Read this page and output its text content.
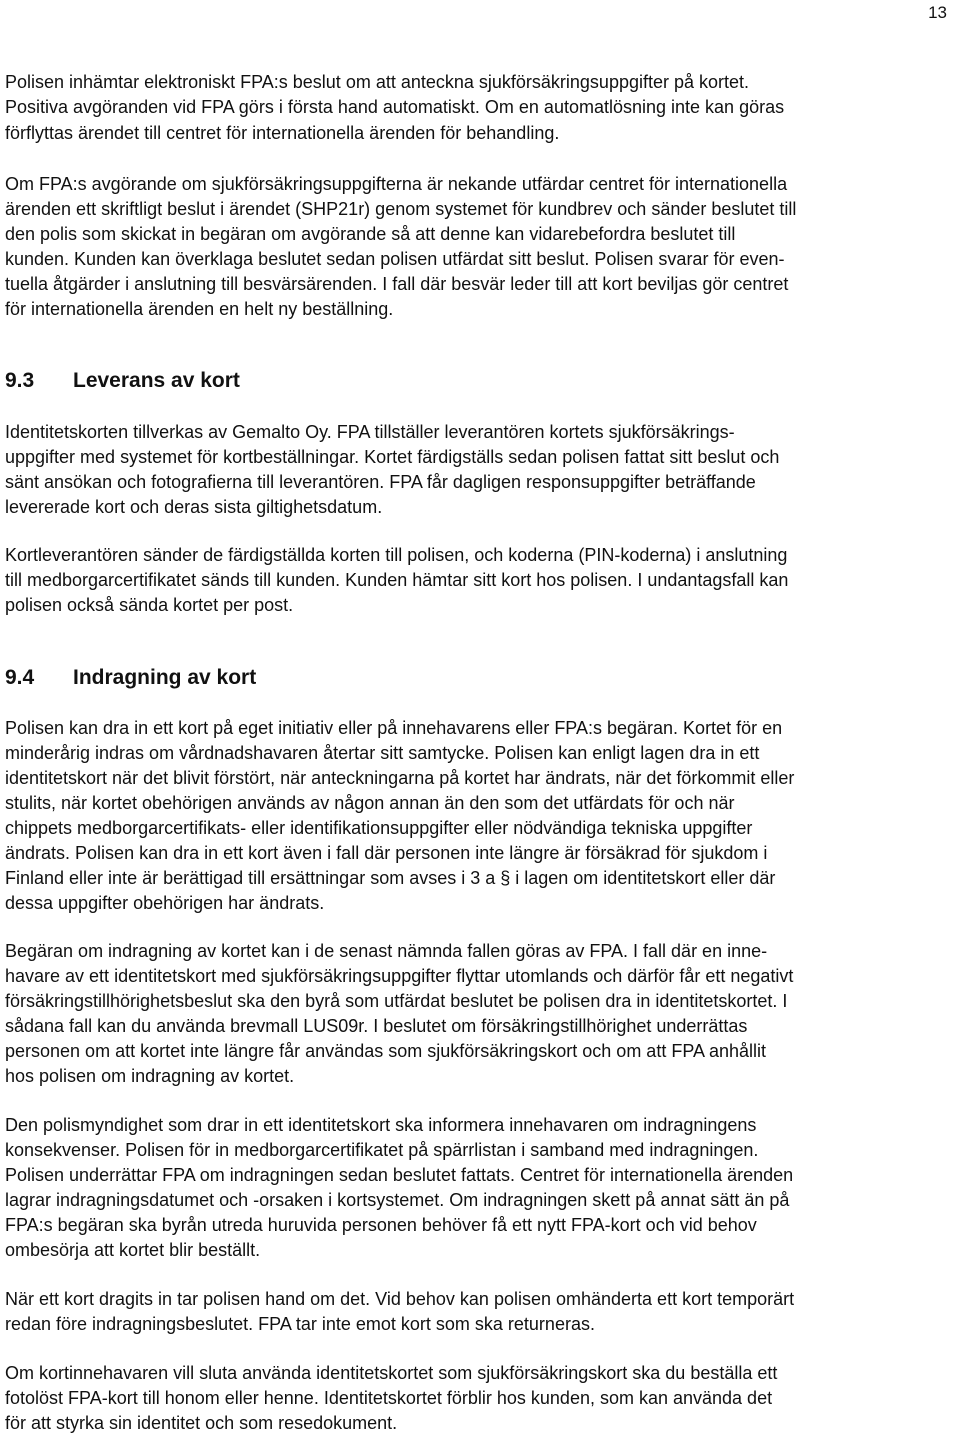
13
Polisen inhämtar elektroniskt FPA:s beslut om att anteckna sjukförsäkringsuppgifter på kortet.
Positiva avgöranden vid FPA görs i första hand automatiskt. Om en automatlösning inte kan göras
förflyttas ärendet till centret för internationella ärenden för behandling.
Om FPA:s avgörande om sjukförsäkringsuppgifterna är nekande utfärdar centret för internationella
ärenden ett skriftligt beslut i ärendet (SHP21r) genom systemet för kundbrev och sänder beslutet till
den polis som skickat in begäran om avgörande så att denne kan vidarebefordra beslutet till
kunden. Kunden kan överklaga beslutet sedan polisen utfärdat sitt beslut. Polisen svarar för even-
tuella åtgärder i anslutning till besvärsärenden. I fall där besvär leder till att kort beviljas gör centret
för internationella ärenden en helt ny beställning.
9.3 Leverans av kort
Identitetskorten tillverkas av Gemalto Oy. FPA tillställer leverantören kortets sjukförsäkrings-
uppgifter med systemet för kortbeställningar. Kortet färdigställs sedan polisen fattat sitt beslut och
sänt ansökan och fotografierna till leverantören. FPA får dagligen responsuppgifter beträffande
levererade kort och deras sista giltighetsdatum.
Kortleverantören sänder de färdigställda korten till polisen, och koderna (PIN-koderna) i anslutning
till medborgarcertifikatet sänds till kunden. Kunden hämtar sitt kort hos polisen. I undantagsfall kan
polisen också sända kortet per post.
9.4 Indragning av kort
Polisen kan dra in ett kort på eget initiativ eller på innehavarens eller FPA:s begäran. Kortet för en
minderårig indras om vårdnadshavaren återtar sitt samtycke. Polisen kan enligt lagen dra in ett
identitetskort när det blivit förstört, när anteckningarna på kortet har ändrats, när det förkommit eller
stulits, när kortet obehörigen används av någon annan än den som det utfärdats för och när
chippets medborgarcertifikats- eller identifikationsuppgifter eller nödvändiga tekniska uppgifter
ändrats. Polisen kan dra in ett kort även i fall där personen inte längre är försäkrad för sjukdom i
Finland eller inte är berättigad till ersättningar som avses i 3 a § i lagen om identitetskort eller där
dessa uppgifter obehörigen har ändrats.
Begäran om indragning av kortet kan i de senast nämnda fallen göras av FPA. I fall där en inne-
havare av ett identitetskort med sjukförsäkringsuppgifter flyttar utomlands och därför får ett negativt
försäkringstillhörighetsbeslut ska den byrå som utfärdat beslutet be polisen dra in identitetskortet. I
sådana fall kan du använda brevmall LUS09r. I beslutet om försäkringstillhörighet underrättas
personen om att kortet inte längre får användas som sjukförsäkringskort och om att FPA anhållit
hos polisen om indragning av kortet.
Den polismyndighet som drar in ett identitetskort ska informera innehavaren om indragningens
konsekvenser. Polisen för in medborgarcertifikatet på spärrlistan i samband med indragningen.
Polisen underrättar FPA om indragningen sedan beslutet fattats. Centret för internationella ärenden
lagrar indragningsdatumet och -orsaken i kortsystemet. Om indragningen skett på annat sätt än på
FPA:s begäran ska byrån utreda huruvida personen behöver få ett nytt FPA-kort och vid behov
ombesörja att kortet blir beställt.
När ett kort dragits in tar polisen hand om det. Vid behov kan polisen omhänderta ett kort temporärt
redan före indragningsbeslutet. FPA tar inte emot kort som ska returneras.
Om kortinnehavaren vill sluta använda identitetskortet som sjukförsäkringskort ska du beställa ett
fotolöst FPA-kort till honom eller henne. Identitetskortet förblir hos kunden, som kan använda det
för att styrka sin identitet och som resedokument.
